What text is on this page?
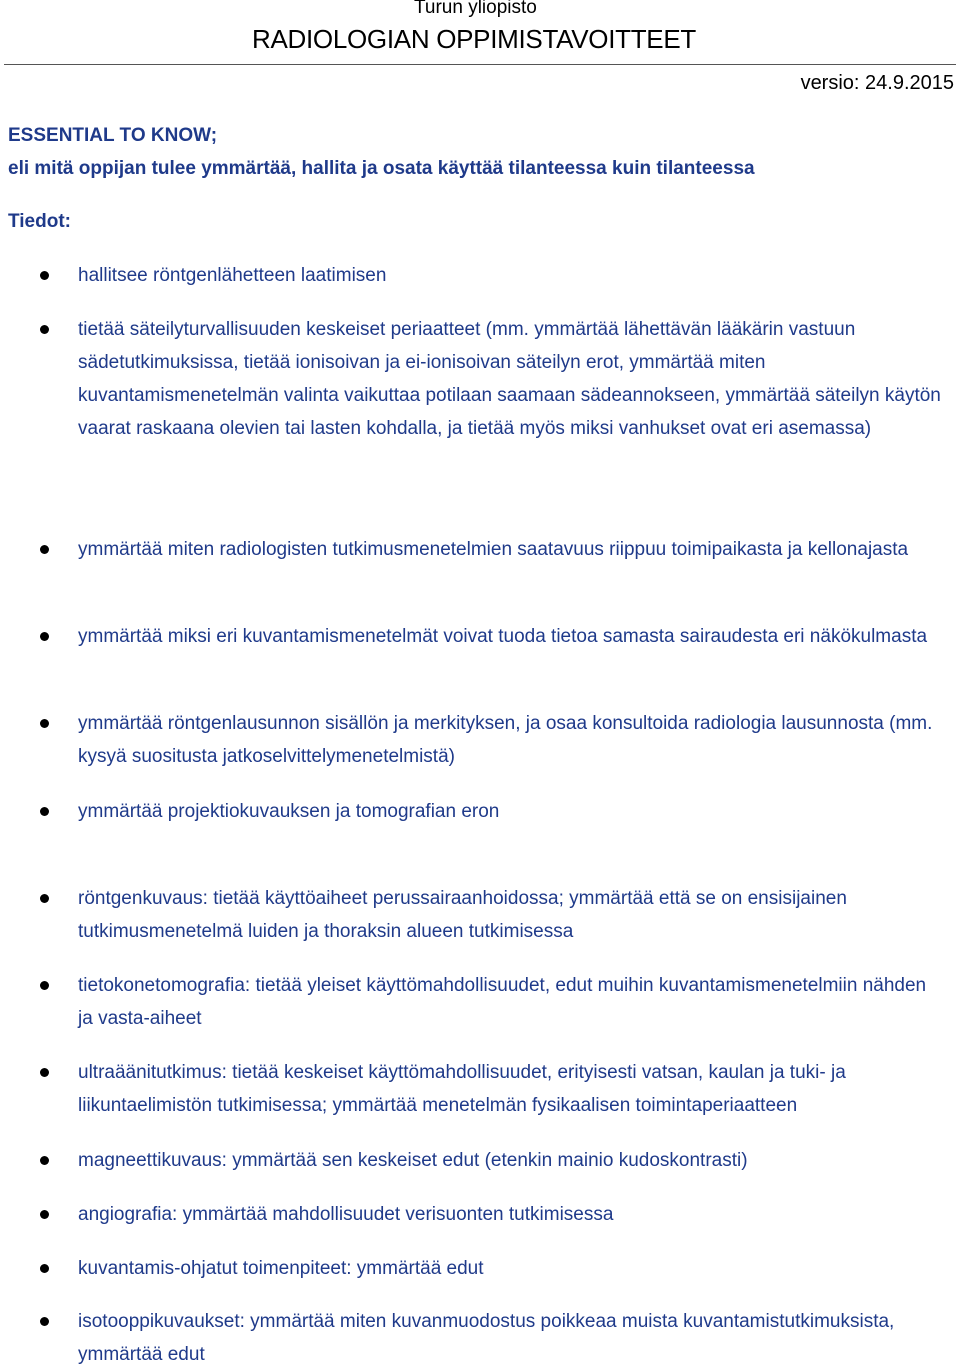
Turun yliopisto
RADIOLOGIAN OPPIMISTAVOITTEET
versio: 24.9.2015
ESSENTIAL TO KNOW;
eli mitä oppijan tulee ymmärtää, hallita ja osata käyttää tilanteessa kuin tilanteessa
Tiedot:
hallitsee röntgenlähetteen laatimisen
tietää säteilyturvallisuuden keskeiset periaatteet (mm. ymmärtää lähettävän lääkärin vastuun sädetutkimuksissa, tietää ionisoivan ja ei-ionisoivan säteilyn erot, ymmärtää miten kuvantamismenetelmän valinta vaikuttaa potilaan saamaan sädeannokseen, ymmärtää säteilyn käytön vaarat raskaana olevien tai lasten kohdalla, ja tietää myös miksi vanhukset ovat eri asemassa)
ymmärtää miten radiologisten tutkimusmenetelmien saatavuus riippuu toimipaikasta ja kellonajasta
ymmärtää miksi eri kuvantamismenetelmät voivat tuoda tietoa samasta sairaudesta eri näkökulmasta
ymmärtää röntgenlausunnon sisällön ja merkityksen, ja osaa konsultoida radiologia lausunnosta (mm. kysyä suositusta jatkoselvittelymenetelmistä)
ymmärtää projektiokuvauksen ja tomografian eron
röntgenkuvaus: tietää käyttöaiheet perussairaanhoidossa; ymmärtää että se on ensisijainen tutkimusmenetelmä luiden ja thoraksin alueen tutkimisessa
tietokonetomografia: tietää yleiset käyttömahdollisuudet, edut muihin kuvantamismenetelmiin nähden ja vasta-aiheet
ultraäänitutkimus: tietää keskeiset käyttömahdollisuudet, erityisesti vatsan, kaulan ja tuki- ja liikuntaelimistön tutkimisessa; ymmärtää menetelmän fysikaalisen toimintaperiaatteen
magneettikuvaus: ymmärtää sen keskeiset edut (etenkin mainio kudoskontrasti)
angiografia: ymmärtää mahdollisuudet verisuonten tutkimisessa
kuvantamis-ohjatut toimenpiteet: ymmärtää edut
isotooppikuvaukset: ymmärtää miten kuvanmuodostus poikkeaa muista kuvantamistutkimuksista, ymmärtää edut
